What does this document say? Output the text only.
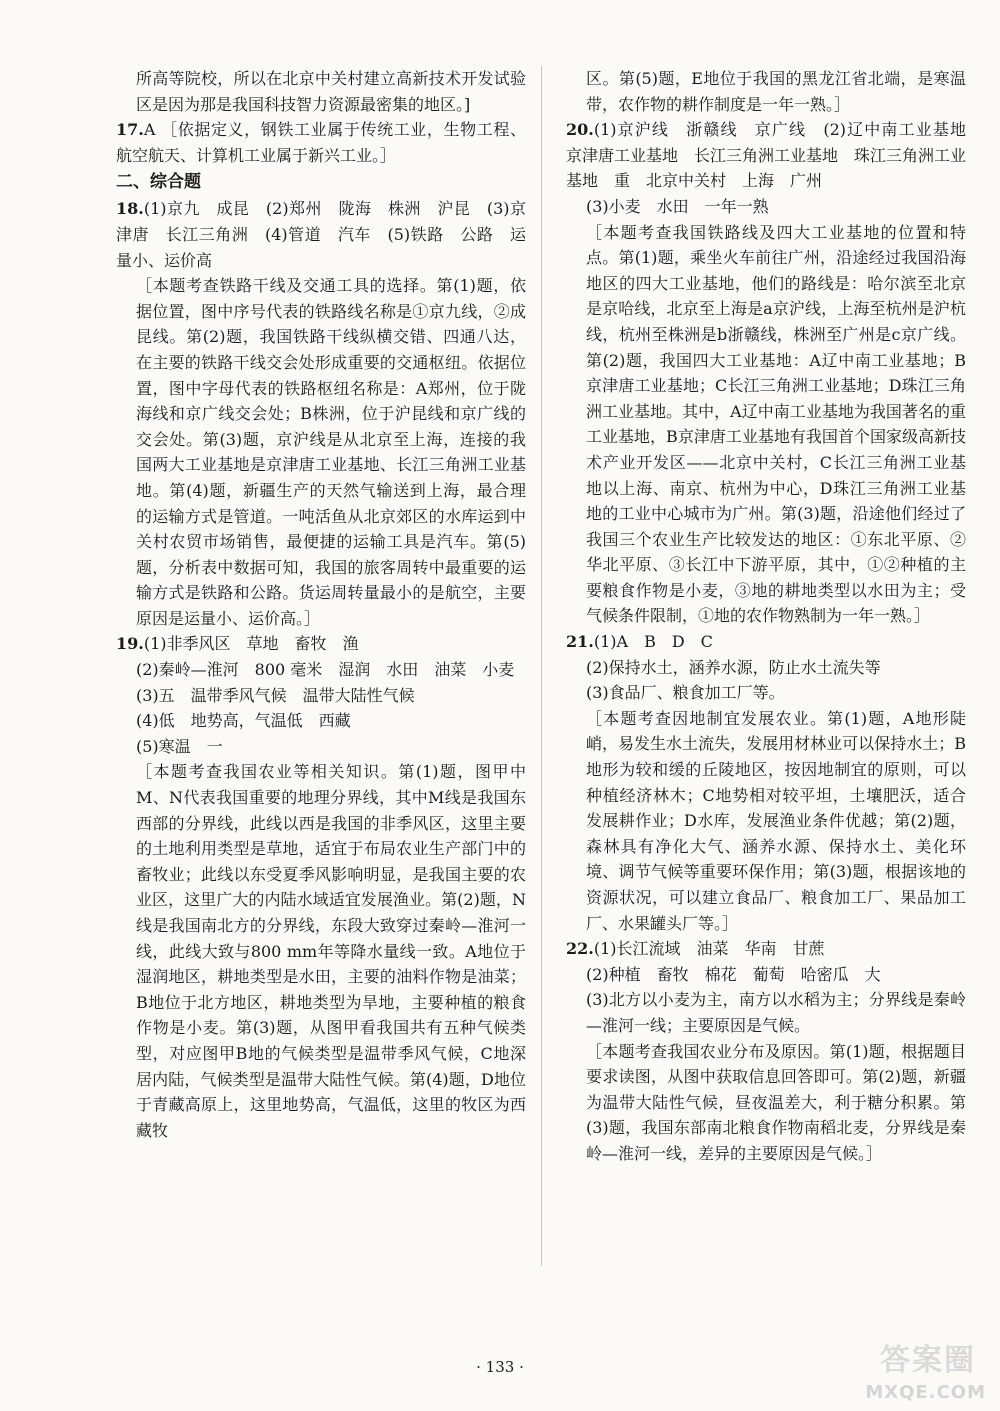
所高等院校，所以在北京中关村建立高新技术开发试验区是因为那是我国科技智力资源最密集的地区。]

17.A ［依据定义，钢铁工业属于传统工业，生物工程、航空航天、计算机工业属于新兴工业。］

二、综合题

18.(1)京九　成昆　(2)郑州　陇海　株洲　沪昆　(3)京津唐　长江三角洲　(4)管道　汽车　(5)铁路　公路　运量小、运价高

［本题考查铁路干线及交通工具的选择。第(1)题，依据位置，图中序号代表的铁路线名称是①京九线，②成昆线。第(2)题，我国铁路干线纵横交错、四通八达，在主要的铁路干线交会处形成重要的交通枢纽。依据位置，图中字母代表的铁路枢纽名称是：A郑州，位于陇海线和京广线交会处；B株洲，位于沪昆线和京广线的交会处。第(3)题，京沪线是从北京至上海，连接的我国两大工业基地是京津唐工业基地、长江三角洲工业基地。第(4)题，新疆生产的天然气输送到上海，最合理的运输方式是管道。一吨活鱼从北京郊区的水库运到中关村农贸市场销售，最便捷的运输工具是汽车。第(5)题，分析表中数据可知，我国的旅客周转中最重要的运输方式是铁路和公路。货运周转量最小的是航空，主要原因是运量小、运价高。］

19.(1)非季风区　草地　畜牧　渔

(2)秦岭—淮河　800 毫米　湿润　水田　油菜　小麦

(3)五　温带季风气候　温带大陆性气候

(4)低　地势高，气温低　西藏

(5)寒温　一

［本题考查我国农业等相关知识。第(1)题，图甲中M、N代表我国重要的地理分界线，其中M线是我国东西部的分界线，此线以西是我国的非季风区，这里主要的土地利用类型是草地，适宜于布局农业生产部门中的畜牧业；此线以东受夏季风影响明显，是我国主要的农业区，这里广大的内陆水域适宜发展渔业。第(2)题，N线是我国南北方的分界线，东段大致穿过秦岭—淮河一线，此线大致与800 mm年等降水量线一致。A地位于湿润地区，耕地类型是水田，主要的油料作物是油菜；B地位于北方地区，耕地类型为旱地，主要种植的粮食作物是小麦。第(3)题，从图甲看我国共有五种气候类型，对应图甲B地的气候类型是温带季风气候，C地深居内陆，气候类型是温带大陆性气候。第(4)题，D地位于青藏高原上，这里地势高，气温低，这里的牧区为西藏牧

区。第(5)题，E地位于我国的黑龙江省北端，是寒温带，农作物的耕作制度是一年一熟。］

20.(1)京沪线　浙赣线　京广线　(2)辽中南工业基地　京津唐工业基地　长江三角洲工业基地　珠江三角洲工业基地　重　北京中关村　上海　广州

(3)小麦　水田　一年一熟

［本题考查我国铁路线及四大工业基地的位置和特点。第(1)题，乘坐火车前往广州，沿途经过我国沿海地区的四大工业基地，他们的路线是：哈尔滨至北京是京哈线，北京至上海是a京沪线，上海至杭州是沪杭线，杭州至株洲是b浙赣线，株洲至广州是c京广线。第(2)题，我国四大工业基地：A辽中南工业基地；B京津唐工业基地；C长江三角洲工业基地；D珠江三角洲工业基地。其中，A辽中南工业基地为我国著名的重工业基地，B京津唐工业基地有我国首个国家级高新技术产业开发区——北京中关村，C长江三角洲工业基地以上海、南京、杭州为中心，D珠江三角洲工业基地的工业中心城市为广州。第(3)题，沿途他们经过了我国三个农业生产比较发达的地区：①东北平原、②华北平原、③长江中下游平原，其中，①②种植的主要粮食作物是小麦，③地的耕地类型以水田为主；受气候条件限制，①地的农作物熟制为一年一熟。］

21.(1)A　B　D　C

(2)保持水土，涵养水源，防止水土流失等

(3)食品厂、粮食加工厂等。

［本题考查因地制宜发展农业。第(1)题，A地形陡峭，易发生水土流失，发展用材林业可以保持水土；B地形为较和缓的丘陵地区，按因地制宜的原则，可以种植经济林木；C地势相对较平坦，土壤肥沃，适合发展耕作业；D水库，发展渔业条件优越；第(2)题，森林具有净化大气、涵养水源、保持水土、美化环境、调节气候等重要环保作用；第(3)题，根据该地的资源状况，可以建立食品厂、粮食加工厂、果品加工厂、水果罐头厂等。］

22.(1)长江流域　油菜　华南　甘蔗

(2)种植　畜牧　棉花　葡萄　哈密瓜　大

(3)北方以小麦为主，南方以水稻为主；分界线是秦岭—淮河一线；主要原因是气候。

［本题考查我国农业分布及原因。第(1)题，根据题目要求读图，从图中获取信息回答即可。第(2)题，新疆为温带大陆性气候，昼夜温差大，利于糖分积累。第(3)题，我国东部南北粮食作物南稻北麦，分界线是秦岭—淮河一线，差异的主要原因是气候。］

· 133 ·	答案圈
MXQE.COM
